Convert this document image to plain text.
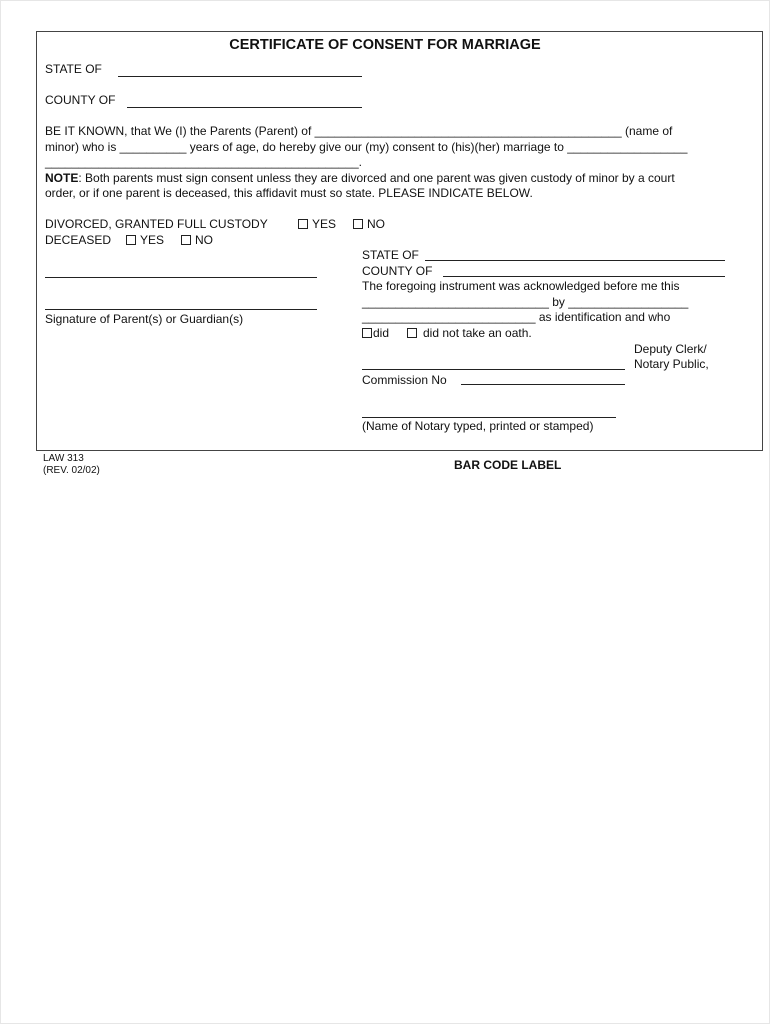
CERTIFICATE OF CONSENT FOR MARRIAGE
STATE OF
COUNTY OF
BE IT KNOWN, that We (I) the Parents (Parent) of ______________________________________________ (name of
minor) who is __________ years of age, do hereby give our (my) consent to (his)(her) marriage to __________________
_______________________________________________.
NOTE: Both parents must sign consent unless they are divorced and one parent was given custody of minor by a court
order, or if one parent is deceased, this affidavit must so state. PLEASE INDICATE BELOW.
DIVORCED, GRANTED FULL CUSTODY	YES	NO
DECEASED	YES	NO
Signature of Parent(s) or Guardian(s)
STATE OF
COUNTY OF
The foregoing instrument was acknowledged before me this
____________________________ by __________________
__________________________ as identification and who
did	did not take an oath.
Deputy Clerk/
Notary Public,
Commission No
(Name of Notary typed, printed or stamped)
LAW 313
(REV. 02/02)	BAR CODE LABEL
